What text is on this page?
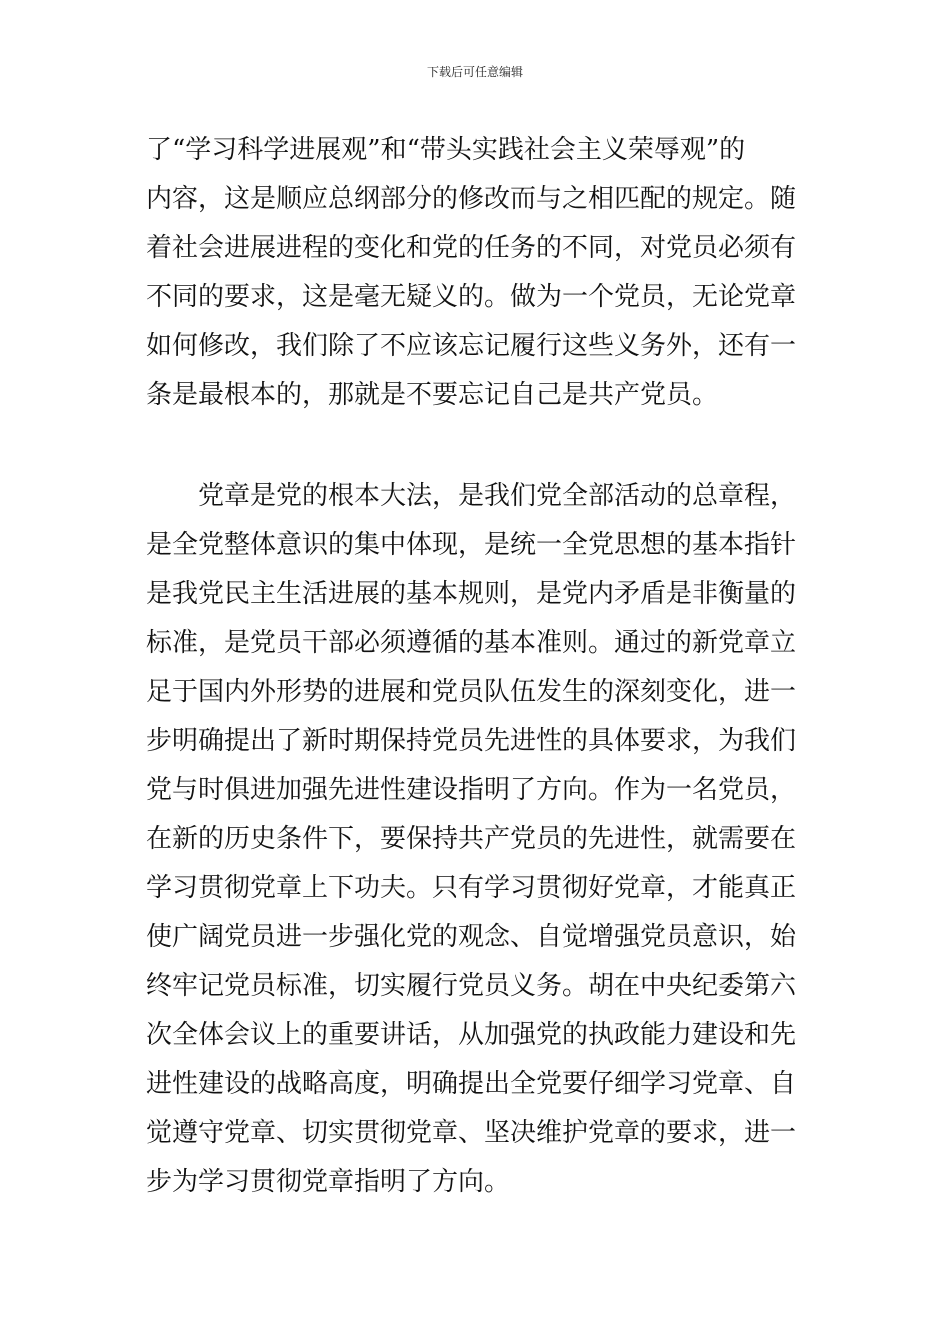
下载后可任意编辑
了“学习科学进展观”和“带头实践社会主义荣辱观”的
内容，这是顺应总纲部分的修改而与之相匹配的规定。随
着社会进展进程的变化和党的任务的不同，对党员必须有
不同的要求，这是毫无疑义的。做为一个党员，无论党章
如何修改，我们除了不应该忘记履行这些义务外，还有一
条是最根本的，那就是不要忘记自己是共产党员。
　　党章是党的根本大法，是我们党全部活动的总章程，
是全党整体意识的集中体现，是统一全党思想的基本指针
是我党民主生活进展的基本规则，是党内矛盾是非衡量的
标准，是党员干部必须遵循的基本准则。通过的新党章立
足于国内外形势的进展和党员队伍发生的深刻变化，进一
步明确提出了新时期保持党员先进性的具体要求，为我们
党与时俱进加强先进性建设指明了方向。作为一名党员，
在新的历史条件下，要保持共产党员的先进性，就需要在
学习贯彻党章上下功夫。只有学习贯彻好党章，才能真正
使广阔党员进一步强化党的观念、自觉增强党员意识，始
终牢记党员标准，切实履行党员义务。胡在中央纪委第六
次全体会议上的重要讲话，从加强党的执政能力建设和先
进性建设的战略高度，明确提出全党要仔细学习党章、自
觉遵守党章、切实贯彻党章、坚决维护党章的要求，进一
步为学习贯彻党章指明了方向。
